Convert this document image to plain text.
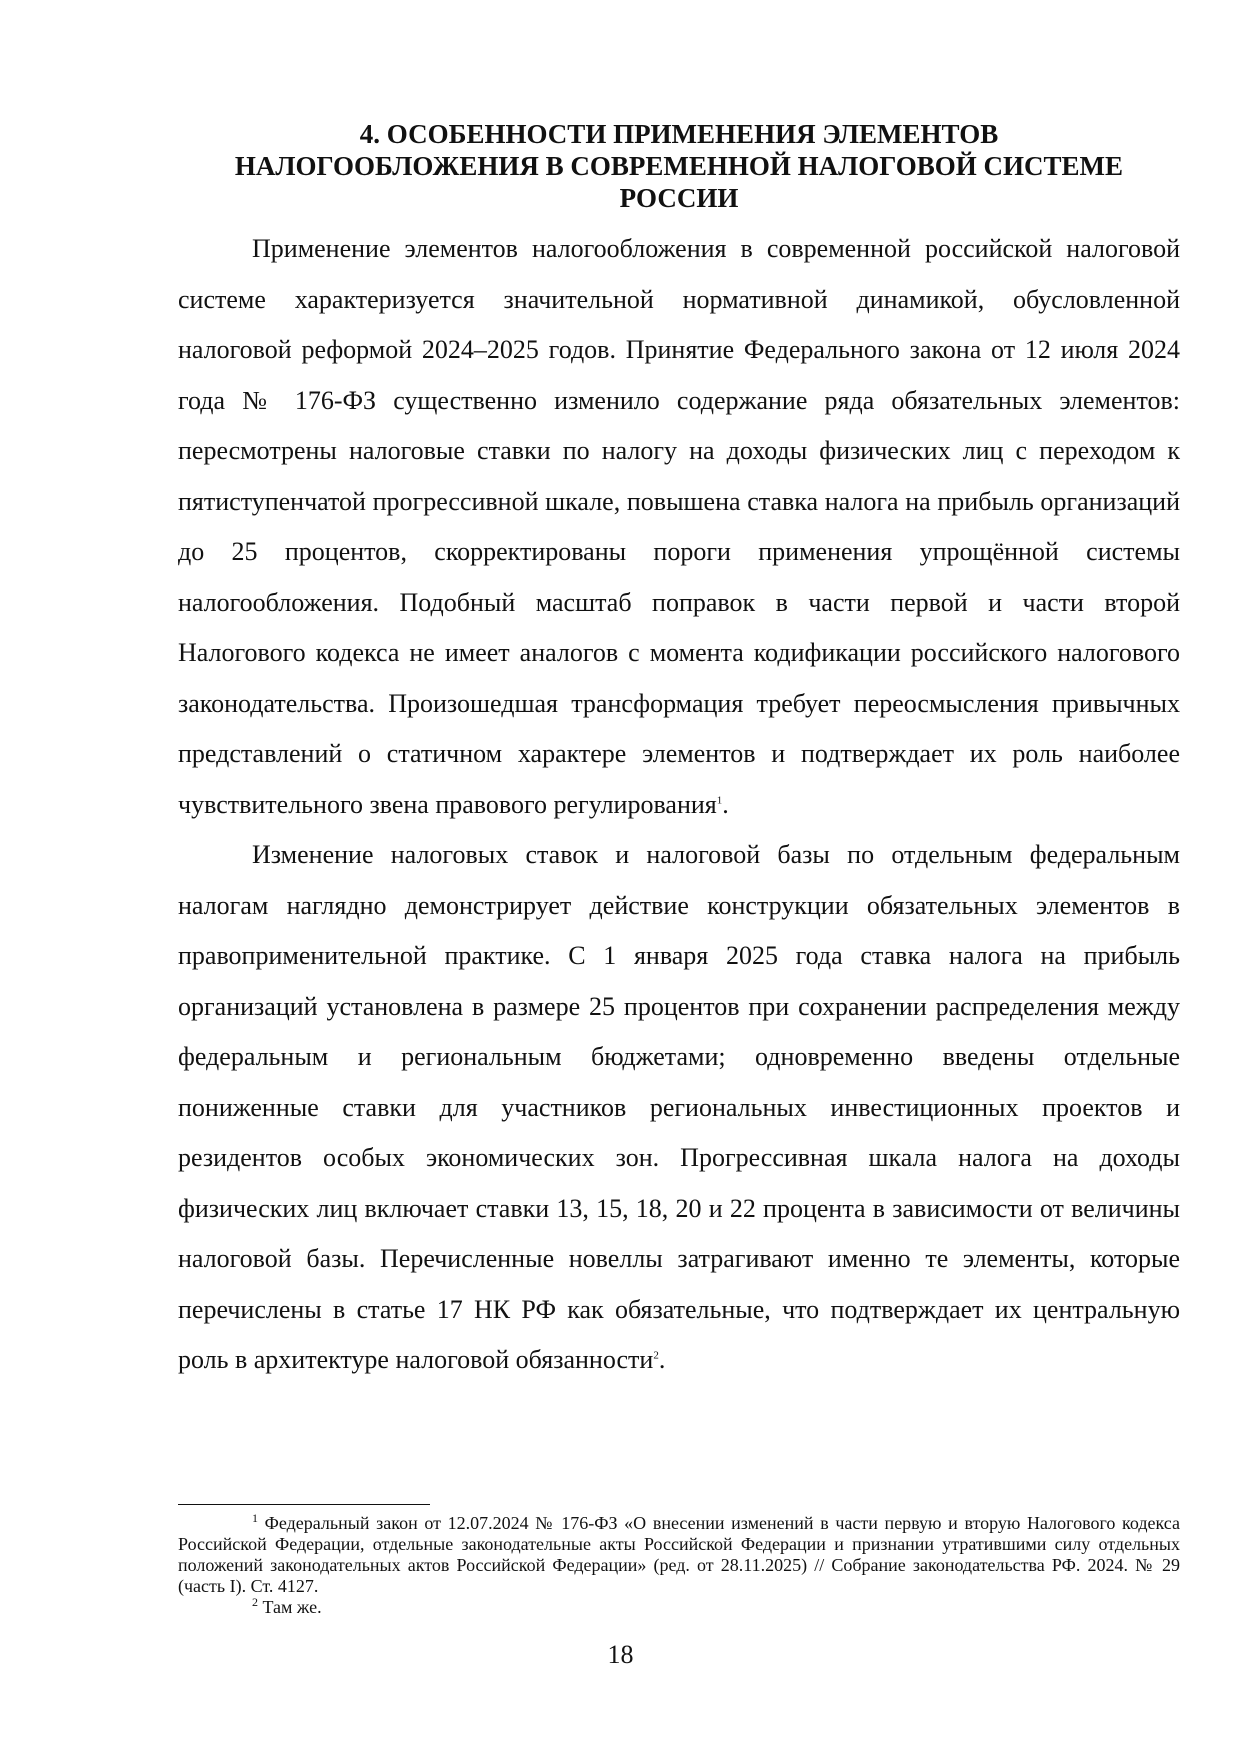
4. ОСОБЕННОСТИ ПРИМЕНЕНИЯ ЭЛЕМЕНТОВ
НАЛОГООБЛОЖЕНИЯ В СОВРЕМЕННОЙ НАЛОГОВОЙ СИСТЕМЕ
РОССИИ

Применение элементов налогообложения в современной российской налоговой системе характеризуется значительной нормативной динамикой, обусловленной налоговой реформой 2024–2025 годов. Принятие Федерального закона от 12 июля 2024 года № 176-ФЗ существенно изменило содержание ряда обязательных элементов: пересмотрены налоговые ставки по налогу на доходы физических лиц с переходом к пятиступенчатой прогрессивной шкале, повышена ставка налога на прибыль организаций до 25 процентов, скорректированы пороги применения упрощённой системы налогообложения. Подобный масштаб поправок в части первой и части второй Налогового кодекса не имеет аналогов с момента кодификации российского налогового законодательства. Произошедшая трансформация требует переосмысления привычных представлений о статичном характере элементов и подтверждает их роль наиболее чувствительного звена правового регулирования$^1$.

Изменение налоговых ставок и налоговой базы по отдельным федеральным налогам наглядно демонстрирует действие конструкции обязательных элементов в правоприменительной практике. С 1 января 2025 года ставка налога на прибыль организаций установлена в размере 25 процентов при сохранении распределения между федеральным и региональным бюджетами; одновременно введены отдельные пониженные ставки для участников региональных инвестиционных проектов и резидентов особых экономических зон. Прогрессивная шкала налога на доходы физических лиц включает ставки 13, 15, 18, 20 и 22 процента в зависимости от величины налоговой базы. Перечисленные новеллы затрагивают именно те элементы, которые перечислены в статье 17 НК РФ как обязательные, что подтверждает их центральную роль в архитектуре налоговой обязанности$^2$.

$^1$ Федеральный закон от 12.07.2024 № 176-ФЗ «О внесении изменений в части первую и вторую Налогового кодекса Российской Федерации, отдельные законодательные акты Российской Федерации и признании утратившими силу отдельных положений законодательных актов Российской Федерации» (ред. от 28.11.2025) // Собрание законодательства РФ. 2024. № 29 (часть I). Ст. 4127.

$^2$ Там же.

18
